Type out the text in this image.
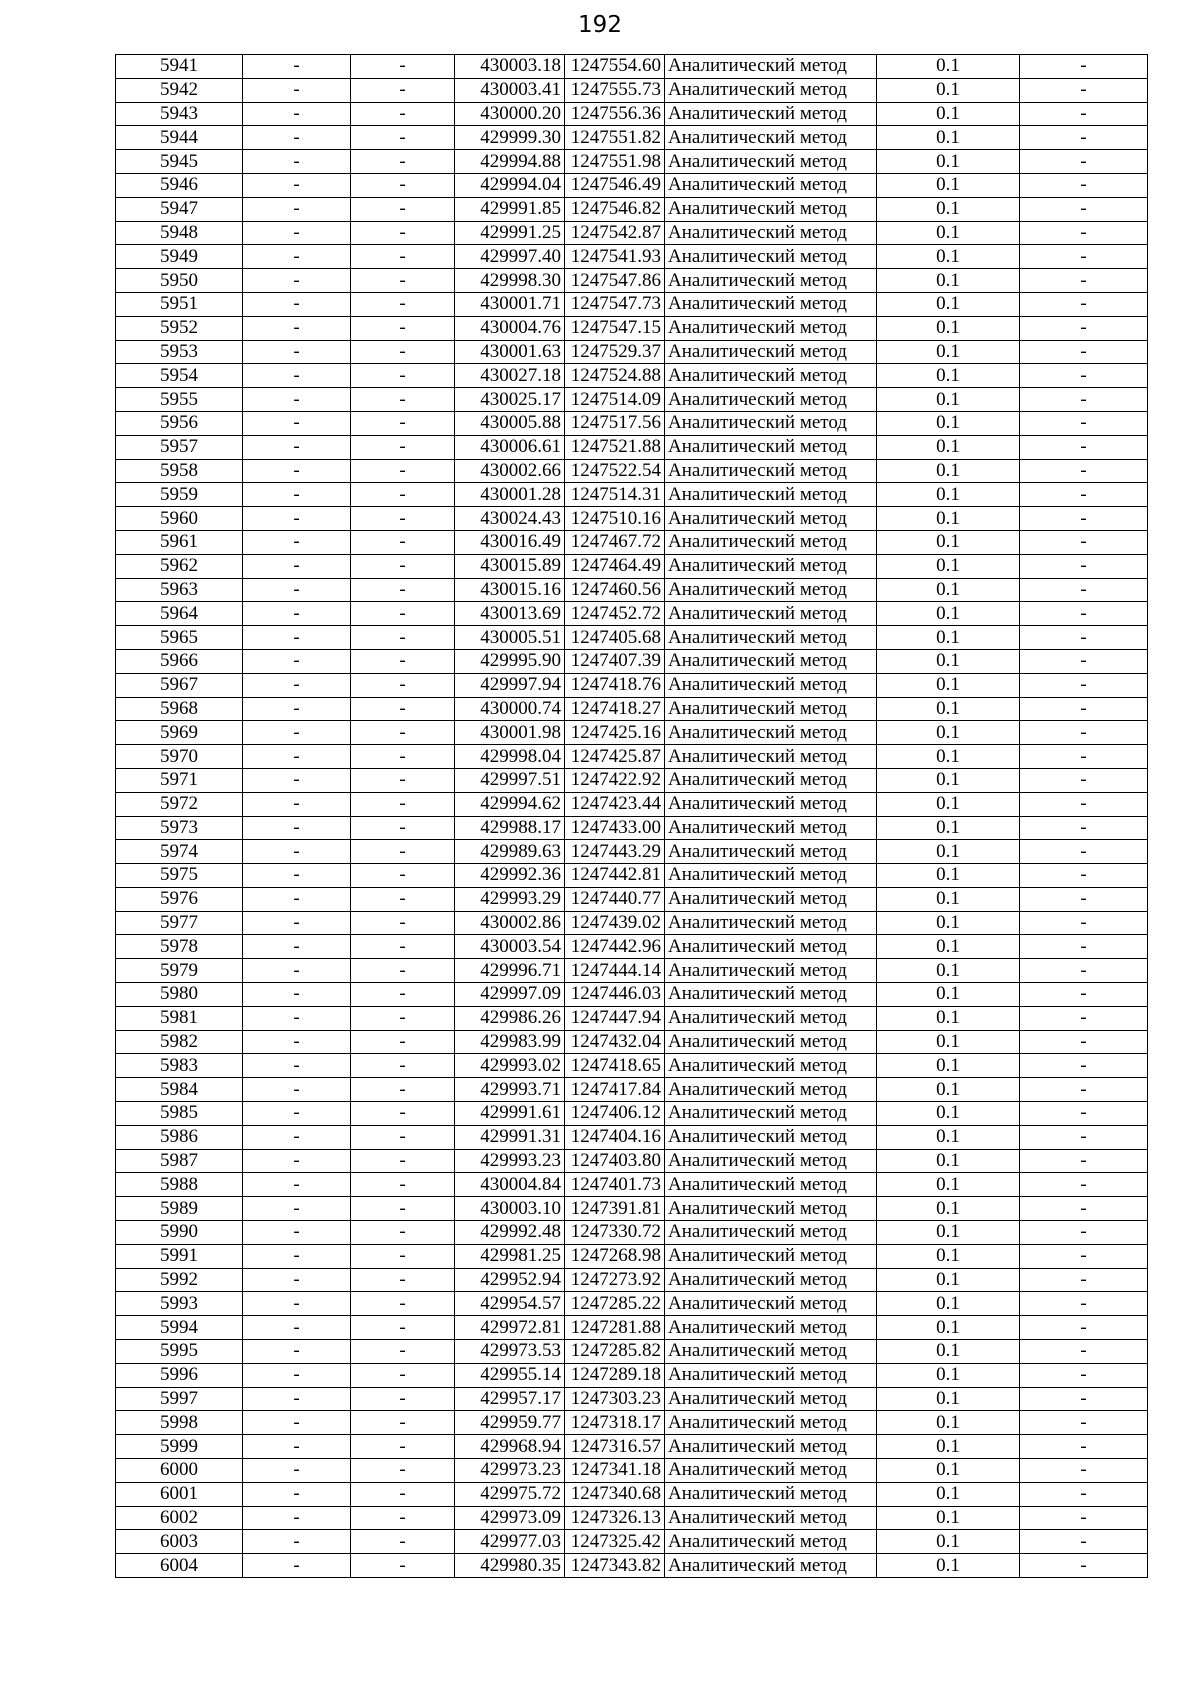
192
5941	-	-	430003.18	1247554.60	Аналитический метод	0.1	-
5942	-	-	430003.41	1247555.73	Аналитический метод	0.1	-
5943	-	-	430000.20	1247556.36	Аналитический метод	0.1	-
5944	-	-	429999.30	1247551.82	Аналитический метод	0.1	-
5945	-	-	429994.88	1247551.98	Аналитический метод	0.1	-
5946	-	-	429994.04	1247546.49	Аналитический метод	0.1	-
5947	-	-	429991.85	1247546.82	Аналитический метод	0.1	-
5948	-	-	429991.25	1247542.87	Аналитический метод	0.1	-
5949	-	-	429997.40	1247541.93	Аналитический метод	0.1	-
5950	-	-	429998.30	1247547.86	Аналитический метод	0.1	-
5951	-	-	430001.71	1247547.73	Аналитический метод	0.1	-
5952	-	-	430004.76	1247547.15	Аналитический метод	0.1	-
5953	-	-	430001.63	1247529.37	Аналитический метод	0.1	-
5954	-	-	430027.18	1247524.88	Аналитический метод	0.1	-
5955	-	-	430025.17	1247514.09	Аналитический метод	0.1	-
5956	-	-	430005.88	1247517.56	Аналитический метод	0.1	-
5957	-	-	430006.61	1247521.88	Аналитический метод	0.1	-
5958	-	-	430002.66	1247522.54	Аналитический метод	0.1	-
5959	-	-	430001.28	1247514.31	Аналитический метод	0.1	-
5960	-	-	430024.43	1247510.16	Аналитический метод	0.1	-
5961	-	-	430016.49	1247467.72	Аналитический метод	0.1	-
5962	-	-	430015.89	1247464.49	Аналитический метод	0.1	-
5963	-	-	430015.16	1247460.56	Аналитический метод	0.1	-
5964	-	-	430013.69	1247452.72	Аналитический метод	0.1	-
5965	-	-	430005.51	1247405.68	Аналитический метод	0.1	-
5966	-	-	429995.90	1247407.39	Аналитический метод	0.1	-
5967	-	-	429997.94	1247418.76	Аналитический метод	0.1	-
5968	-	-	430000.74	1247418.27	Аналитический метод	0.1	-
5969	-	-	430001.98	1247425.16	Аналитический метод	0.1	-
5970	-	-	429998.04	1247425.87	Аналитический метод	0.1	-
5971	-	-	429997.51	1247422.92	Аналитический метод	0.1	-
5972	-	-	429994.62	1247423.44	Аналитический метод	0.1	-
5973	-	-	429988.17	1247433.00	Аналитический метод	0.1	-
5974	-	-	429989.63	1247443.29	Аналитический метод	0.1	-
5975	-	-	429992.36	1247442.81	Аналитический метод	0.1	-
5976	-	-	429993.29	1247440.77	Аналитический метод	0.1	-
5977	-	-	430002.86	1247439.02	Аналитический метод	0.1	-
5978	-	-	430003.54	1247442.96	Аналитический метод	0.1	-
5979	-	-	429996.71	1247444.14	Аналитический метод	0.1	-
5980	-	-	429997.09	1247446.03	Аналитический метод	0.1	-
5981	-	-	429986.26	1247447.94	Аналитический метод	0.1	-
5982	-	-	429983.99	1247432.04	Аналитический метод	0.1	-
5983	-	-	429993.02	1247418.65	Аналитический метод	0.1	-
5984	-	-	429993.71	1247417.84	Аналитический метод	0.1	-
5985	-	-	429991.61	1247406.12	Аналитический метод	0.1	-
5986	-	-	429991.31	1247404.16	Аналитический метод	0.1	-
5987	-	-	429993.23	1247403.80	Аналитический метод	0.1	-
5988	-	-	430004.84	1247401.73	Аналитический метод	0.1	-
5989	-	-	430003.10	1247391.81	Аналитический метод	0.1	-
5990	-	-	429992.48	1247330.72	Аналитический метод	0.1	-
5991	-	-	429981.25	1247268.98	Аналитический метод	0.1	-
5992	-	-	429952.94	1247273.92	Аналитический метод	0.1	-
5993	-	-	429954.57	1247285.22	Аналитический метод	0.1	-
5994	-	-	429972.81	1247281.88	Аналитический метод	0.1	-
5995	-	-	429973.53	1247285.82	Аналитический метод	0.1	-
5996	-	-	429955.14	1247289.18	Аналитический метод	0.1	-
5997	-	-	429957.17	1247303.23	Аналитический метод	0.1	-
5998	-	-	429959.77	1247318.17	Аналитический метод	0.1	-
5999	-	-	429968.94	1247316.57	Аналитический метод	0.1	-
6000	-	-	429973.23	1247341.18	Аналитический метод	0.1	-
6001	-	-	429975.72	1247340.68	Аналитический метод	0.1	-
6002	-	-	429973.09	1247326.13	Аналитический метод	0.1	-
6003	-	-	429977.03	1247325.42	Аналитический метод	0.1	-
6004	-	-	429980.35	1247343.82	Аналитический метод	0.1	-
